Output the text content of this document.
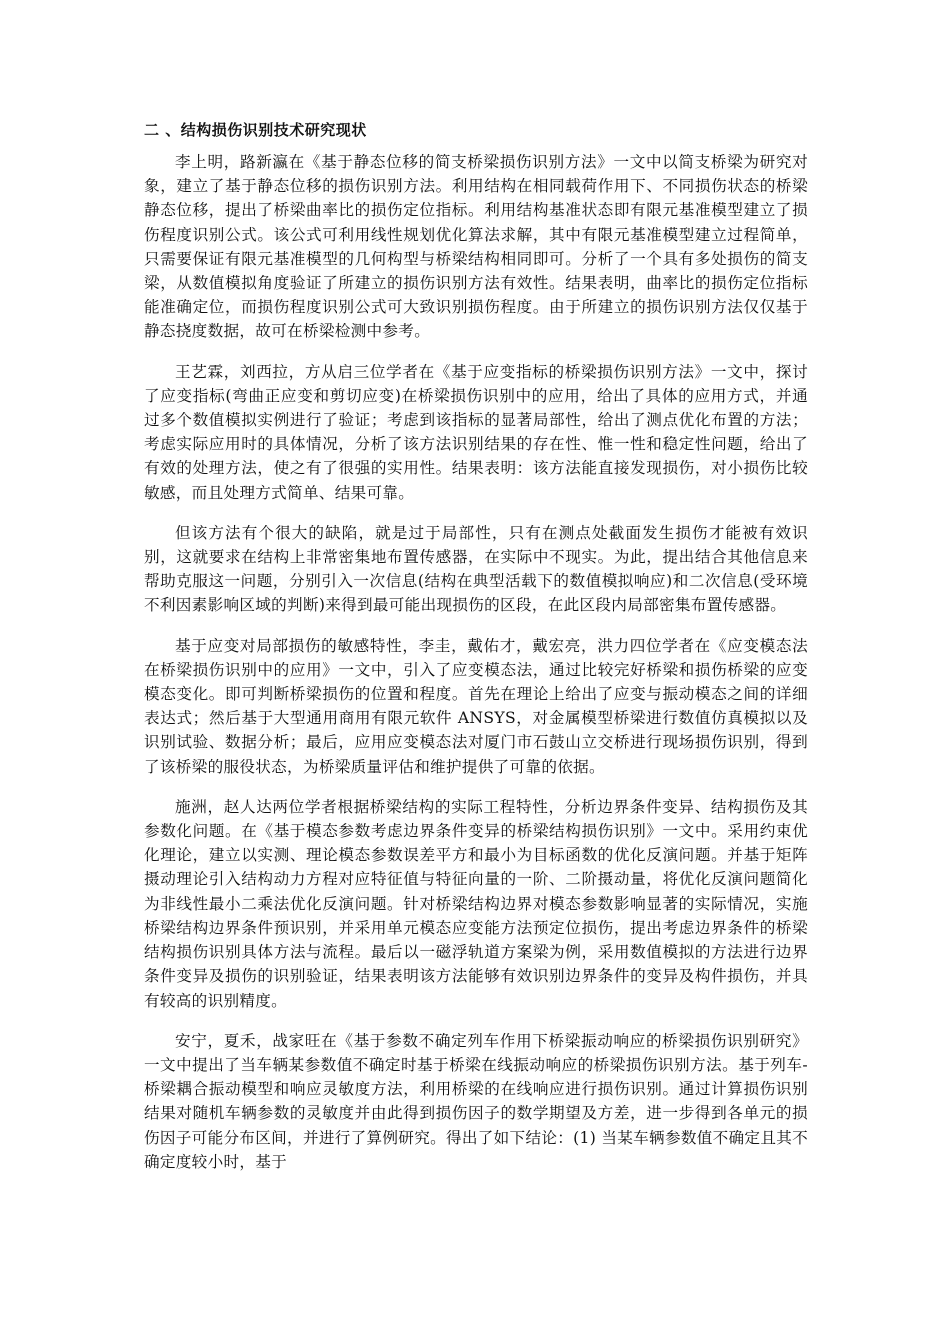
二 、结构损伤识别技术研究现状

李上明，路新瀛在《基于静态位移的简支桥梁损伤识别方法》一文中以简支桥梁为研究对象，建立了基于静态位移的损伤识别方法。利用结构在相同载荷作用下、不同损伤状态的桥梁静态位移，提出了桥梁曲率比的损伤定位指标。利用结构基准状态即有限元基准模型建立了损伤程度识别公式。该公式可利用线性规划优化算法求解，其中有限元基准模型建立过程简单，只需要保证有限元基准模型的几何构型与桥梁结构相同即可。分析了一个具有多处损伤的简支梁，从数值模拟角度验证了所建立的损伤识别方法有效性。结果表明，曲率比的损伤定位指标能准确定位，而损伤程度识别公式可大致识别损伤程度。由于所建立的损伤识别方法仅仅基于静态挠度数据，故可在桥梁检测中参考。

王艺霖，刘西拉，方从启三位学者在《基于应变指标的桥梁损伤识别方法》一文中，探讨了应变指标(弯曲正应变和剪切应变)在桥梁损伤识别中的应用，给出了具体的应用方式，并通过多个数值模拟实例进行了验证；考虑到该指标的显著局部性，给出了测点优化布置的方法；考虑实际应用时的具体情况，分析了该方法识别结果的存在性、惟一性和稳定性问题，给出了有效的处理方法，使之有了很强的实用性。结果表明：该方法能直接发现损伤，对小损伤比较敏感，而且处理方式简单、结果可靠。

但该方法有个很大的缺陷，就是过于局部性，只有在测点处截面发生损伤才能被有效识别，这就要求在结构上非常密集地布置传感器，在实际中不现实。为此，提出结合其他信息来帮助克服这一问题，分别引入一次信息(结构在典型活载下的数值模拟响应)和二次信息(受环境不利因素影响区域的判断)来得到最可能出现损伤的区段，在此区段内局部密集布置传感器。

基于应变对局部损伤的敏感特性，李圭，戴佑才，戴宏亮，洪力四位学者在《应变模态法在桥梁损伤识别中的应用》一文中，引入了应变模态法，通过比较完好桥梁和损伤桥梁的应变模态变化。即可判断桥梁损伤的位置和程度。首先在理论上给出了应变与振动模态之间的详细表达式；然后基于大型通用商用有限元软件 ANSYS，对金属模型桥梁进行数值仿真模拟以及识别试验、数据分析；最后，应用应变模态法对厦门市石鼓山立交桥进行现场损伤识别，得到了该桥梁的服役状态，为桥梁质量评估和维护提供了可靠的依据。

施洲，赵人达两位学者根据桥梁结构的实际工程特性，分析边界条件变异、结构损伤及其参数化问题。在《基于模态参数考虑边界条件变异的桥梁结构损伤识别》一文中。采用约束优化理论，建立以实测、理论模态参数误差平方和最小为目标函数的优化反演问题。并基于矩阵摄动理论引入结构动力方程对应特征值与特征向量的一阶、二阶摄动量，将优化反演问题简化为非线性最小二乘法优化反演问题。针对桥梁结构边界对模态参数影响显著的实际情况，实施桥梁结构边界条件预识别，并采用单元模态应变能方法预定位损伤，提出考虑边界条件的桥梁结构损伤识别具体方法与流程。最后以一磁浮轨道方案梁为例，采用数值模拟的方法进行边界条件变异及损伤的识别验证，结果表明该方法能够有效识别边界条件的变异及构件损伤，并具有较高的识别精度。

安宁，夏禾，战家旺在《基于参数不确定列车作用下桥梁振动响应的桥梁损伤识别研究》一文中提出了当车辆某参数值不确定时基于桥梁在线振动响应的桥梁损伤识别方法。基于列车-桥梁耦合振动模型和响应灵敏度方法，利用桥梁的在线响应进行损伤识别。通过计算损伤识别结果对随机车辆参数的灵敏度并由此得到损伤因子的数学期望及方差，进一步得到各单元的损伤因子可能分布区间，并进行了算例研究。得出了如下结论：(1) 当某车辆参数值不确定且其不确定度较小时，基于
